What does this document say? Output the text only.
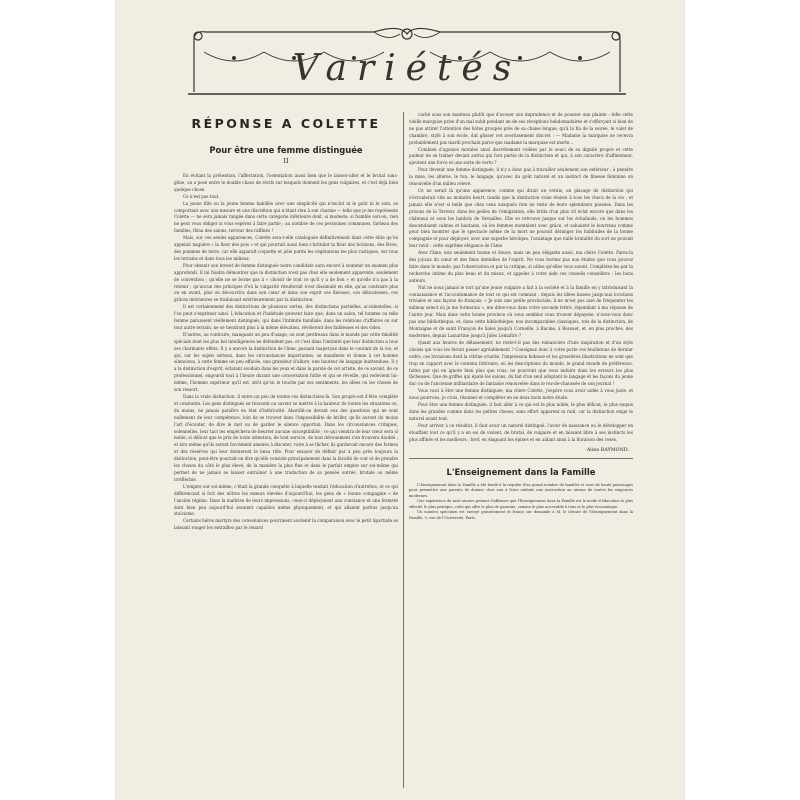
Variétés
RÉPONSE A COLETTE
Pour être une femme distinguée
II

En évitant la prétention, l'affectation, l'ostentation aussi bien que le laisser-aller et le brutal sans-gêne, on a posé entre le double chaos de récifs sur lesquels donnent les gens vulgaires, et c'est déjà bien quelque chose.

Ce n'est pas tout.

La jeune fille ou la jeune femme habillée avec une simplicité qui n'exclut ni le goût ni le soin, se comportant avec une mesure et une discrétion qui n'étant rien à son charme — telle que je me représente Colette — ne sera jamais rangée dans cette catégorie inférieure dont, si modeste, si humble soit-on, rien ne peut vous obliger si vous espérez à faire partie ; au nombre de ces personnes communes, fardeau des familles, fléau des salons, terreur des raffinés !

Mais, sur ces seules apparences, Colette sera-t-elle cataloguée définitivement dans cette élite qu'on appelait naguère « la fleur des pois » et qui pourrait aussi bien s'intituler la fleur des horizons, des fèves, des pommes de terre, car elle apparaît coquette et jolie parmi les végétations les plus rustiques, sur tous les terrains et dans tous les milieux.

Pour obtenir son brevet de femme distinguée notre candidate aura encore à soutenir un examen plus approfondi. Il lui faudra démontrer que la distinction n'est pas chez elle seulement apparente, seulement de convention ; qu'elle ne se borne pas à « choisir de tout ce qu'il y a de bon » et qu'elle n'a pas à la retenir ; qu'aucun des principes d'où la vulgarité résulterait n'est dissimulé en elle, qu'au contraire plus on en avant, plus on découvrira dans son cœur et dans son esprit ces finesses, ces délicatesses, ces grâces intérieures se traduisant extérieurement par la distinction.

Il est certainement des distinctions de plusieurs sortes, des distinctions partielles, accidentelles, si l'on peut s'exprimer ainsi. L'éducation et l'habitude peuvent faire que, dans un salon, tel homme ou telle femme paraissent réellement distingués, qui dans l'intimité familiale, dans les relations d'affaires ou sur tout autre terrain, ne se tiendront plus à la même élévation, révéleront des faiblesses et des vides.

D'autres, au contraire, manquent un peu d'usage, ou sont perdreaux dans le monde par cette timidité spéciale dont les plus bel intelligences ne défendent pas, et c'est dans l'intimité que leur distinction a tous ses charmants effets. Il y a encore la distinction de l'âme, passant inaperçue dans le courant de la vie, et qui, sur les sujets sérieux, dans les circonstances importantes, se manifeste et donne à cet homme silencieux, à cette femme un peu effacée, une grandeur d'allure, une hauteur de langage inattendues. Il y a la distinction d'esprit, éclatant soudain dans les yeux et dans la parole de cet artiste, de ce savant, de ce professionnel, engourdi tout à l'heure durant une conversation futile et qui se réveille, qui redevient lui-même, l'homme supérieur qu'il est, sitôt qu'on le touche par ses sentiments, les idées ou les choses de son ressort.

Dans la vraie distinction, il entre un peu de toutes ces distinctions-là. Son propre est d'être complète et constante. Les gens distingués se trouvent ou savent se mettre à la hauteur de toutes les situations ou, du moins, ne jamais paraître en état d'infériorité. Abordât-on devant eux des questions qui ne sont nullement de leur compétence, loin de se trouver dans l'impossibilité de briller, qu'ils auront du moins l'art d'écouter, de dire le mot ou de garder le silence opportun. Dans les circonstances critiques, solennelles, leur tact les empêchera de heurter aucune susceptibilité ; ce qui viendra de leur cœur sera si noble, si délicat que le prix de toute attention, de tout service, de tout dévouement s'en trouvera doublé ; et lors même qu'ils seront forcément amenés à discuter, voire à se fâcher, ils garderont encore des formes et des réserves qui leur donneront le beau rôle. Pour essayer de définir par à peu près toujours la distinction, peut-être pourrait-on dire qu'elle consiste principalement dans la faculté de voir et de prendre les choses du côté le plus élevé, de la manière la plus fine et dans le parfait empire sur soi-même qui permet de ne jamais se laisser entraîner à une traduction de sa pensée outrée, brutale ou même irréfléchie.

L'empire sur soi-même, c'était la grande conquête à laquelle tendait l'éducation d'autrefois, et ce qui différenciait si fort des nôtres les mœurs élevées d'aujourd'hui, les gens de « bonne compagnie » de l'ancien régime. Dans la maîtrise de leurs impressions, ceux-ci déployaient une constance et une fermeté dont bien peu aujourd'hui seraient capables même physiquement, et qui allaient parfois jusqu'au stoïcisme.

Certains héros martyrs des convenances pourraient soutenir la comparaison avec le petit Spartiate se laissant ronger les entrailles par le renard

caché sous son manteau plutôt que d'avouer son imprudence et de pousser une plainte : telle cette vieille marquise prise d'un mal subit pendant un de ses réceptions hebdomadaires et s'efforçant si bien de ne pas attirer l'attention des hôtes groupés près de sa chaise longue, qu'à la fin de la soirée, le valet de chambre, stylé à son école, dut glisser cet avertissement discret : — Madame la marquise ne recevra probablement pas mardi prochain parce que madame la marquise est morte…

Combien d'agonies morales ainsi discrètement voilées par le souci de sa dignité propre et cette pudeur de se traîner devant autrui qui font partie de la distinction et qui, à son caractère d'affinement, ajoutent une force et une sorte de vertu ?

Pour devenir une femme distinguée, il n'y a donc pas à travailler seulement son extérieur : à peindre la mise, les allures, le ton, le langage, qu'avec du goût naturel et un instinct de finesse féminine on renouvelle d'un milieu relevé.

Ce ne serait là qu'une apparence, comme qui dirait un vernis, un placage de distinction qui s'écroulerait vite au moindre heurt, tandis que la distinction vraie résiste à tous les chocs de la vie ; et jamais elle n'est si belle que chez ceux auxquels rien ne reste de leurs splendeurs passées. Dans les prisons de la Terreur, dans les geôles de l'émigration, elle brilla d'un plus vif éclat encore que dans les châteaux et sous les lambris de Versailles. Elle se retrouve jusque sur les échafauds, où les hommes descendaient calmes et hautains, où les femmes montaient avec grâce, et saluaient le bourreau comme pour bien montrer que le spectacle même de la mort ne pouvait déranger les habitudes de la bonne compagnie et pour déployer, avec une superbe héroïque, l'avantage que nulle brutalité du sort ne pouvait leur ravir : cette suprême élégance de l'âme.

Avez l'âme, non seulement bonne et douce, mais un peu élégante aussi, ma chère Colette. Parez-la des joyaux du cœur et des fines dentelles de l'esprit. Ne vous bornez pas aux études que vous pouvez faire dans le monde, par l'observation et par la critique, si utiles qu'elles vous soient. Complétez-les par la recherche intime du plus beau et du mieux, et appelez à votre aide ces conseils conseillers : les bons auteurs.

Nul ne nous jamais le tort qu'une jeune vulgaire a fait à la société et à la famille en y introduisant la connaissance et l'accoutumance de tout ce qui est commun : depuis les idées basses jusqu'aux locutions triviales et aux façons de français. « Je suis une petite provinciale, il ne m'est pas aisé de fréquenter les milieux select où je me formerais », me dites-vous dans votre seconde lettre, répondant à ma réponse de l'autre jour. Mais dans cette bonne province où vous semblez vous trouver dépaysée, n'avez-vous donc pas une bibliothèque, et, dans cette bibliothèque, nos incomparables classiques, rois de la distinction, de Montaigne et de saint François de Sales jusqu'à Corneille, à Racine, à Bossuet, et, en plus proches, des modernes, depuis Lamartine jusqu'à Jules Lemaître ?

Quant aux heures de délassement, ne reste-t-il pas des romanciers d'une inspiration et d'un style choisis qui vous les feront passer agréablement ? Consignez donc à votre porte ces feuilletons de dernier ordre, ces livraisons dont la vitrine criarde, l'impression hideuse et les grossières illustrations ne sont que trop en rapport avec le contenu littéraire, où les descriptions du monde, le grand monde de préférence, faites par qui en ignore bien plus que vous, ne pourront que vous induire dans les erreurs les plus fâcheuses. Que de griffes qui épaté les salons, du fait d'un seul adoptant le langage et les façons du jeune duc ou de l'ancienne milliardaire de fantaisie renouvelée dans le rez-de-chaussée de son journal !

Vous voici à être une femme distinguée, ma chère Colette, j'espère vous avoir aidée à vous juste, et nous pourrons, je crois, résumer et compléter en en deux mots notre étude.

Pour être une femme distinguée, il faut aller à ce qui est le plus noble, le plus délicat, le plus exquis dans les grandes comme dans les petites choses, sans effort apparent ni raid, car la distinction exige le naturel avant tout.

Pour arriver à ce résultat, il faut avoir un naturel distingué, l'avoir de naissance ou le développer en étouffant tout ce qu'il y a en soi de violent, de brutal, de vulgaire et en laissant libre à ses instincts les plus affinés et les meilleurs ; bref, en élaguant les épines et en aidant ainsi à la floraison des roses.

Aline RAYMOND.
L'Enseignement dans la Famille

L'Enseignement dans la Famille a été fondé à la requête d'un grand nombre de familles et sous de hauts patronages pour permettre aux parents de donner chez eux à leurs enfants une instruction au niveau de toutes les exigences modernes.

Une expérience de neuf années permet d'affirmer que l'Enseignement dans la Famille est le mode d'éducation le plus effectif, le plus pratique, celui qui offre le plus de garantie, comme le plus accessible à tous et le plus économique.

Un numéro spécimen est envoyé gratuitement et franco sur demande à M. le Gérant de l'Enseignement dans la Famille, 5, rue de l'Université, Paris.
